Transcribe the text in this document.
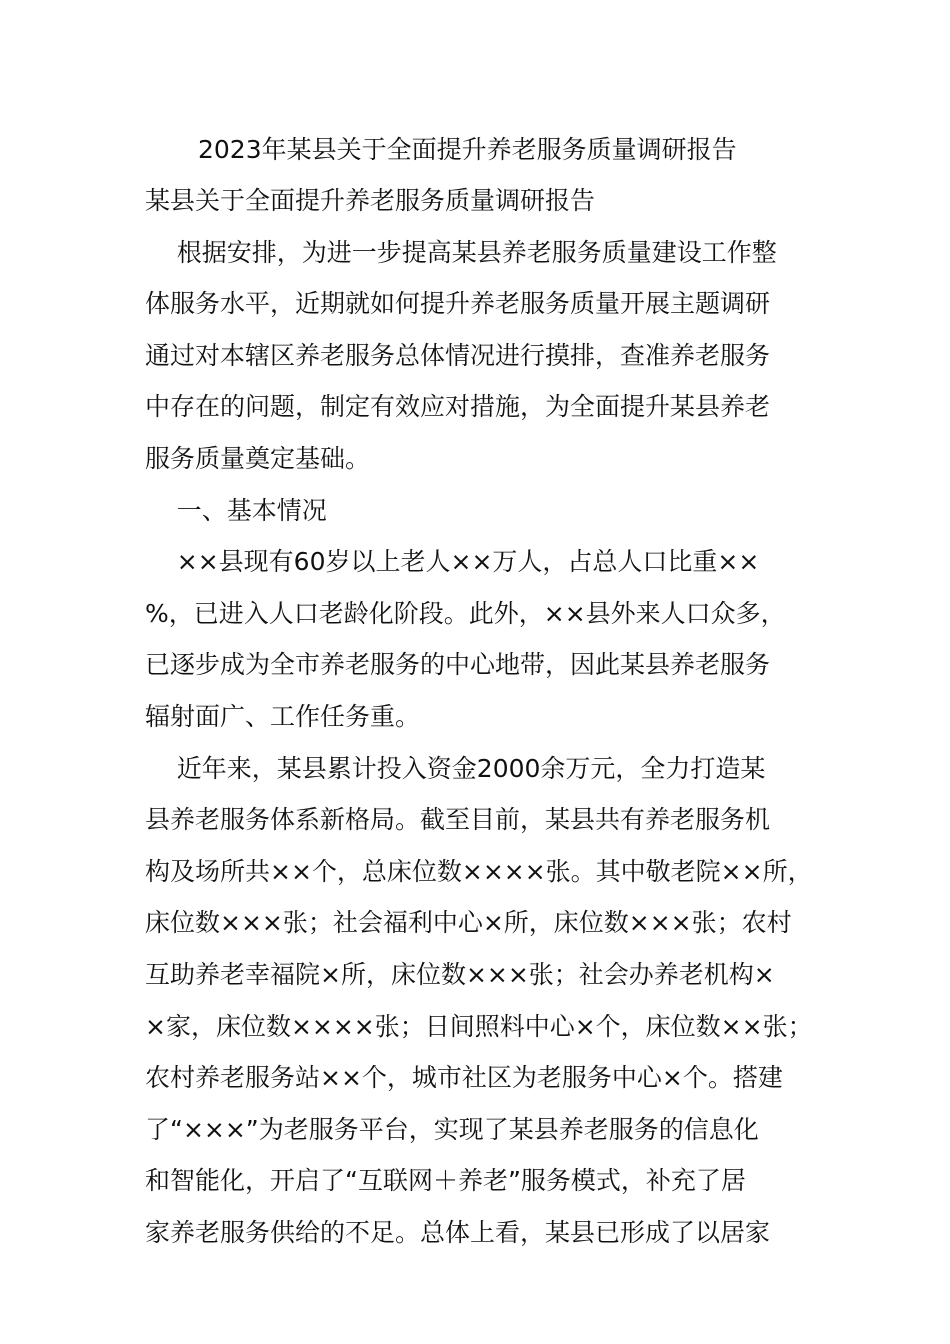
2023年某县关于全面提升养老服务质量调研报告
某县关于全面提升养老服务质量调研报告
根据安排，为进一步提高某县养老服务质量建设工作整
体服务水平，近期就如何提升养老服务质量开展主题调研
通过对本辖区养老服务总体情况进行摸排，查准养老服务
中存在的问题，制定有效应对措施，为全面提升某县养老
服务质量奠定基础。
一、基本情况
××县现有60岁以上老人××万人，占总人口比重××
%，已进入人口老龄化阶段。此外，××县外来人口众多，
已逐步成为全市养老服务的中心地带，因此某县养老服务
辐射面广、工作任务重。
近年来，某县累计投入资金2000余万元，全力打造某
县养老服务体系新格局。截至目前，某县共有养老服务机
构及场所共××个，总床位数××××张。其中敬老院××所，
床位数×××张；社会福利中心×所，床位数×××张；农村
互助养老幸福院×所，床位数×××张；社会办养老机构×
×家，床位数××××张；日间照料中心×个，床位数××张；
农村养老服务站××个，城市社区为老服务中心×个。搭建
了“×××”为老服务平台，实现了某县养老服务的信息化
和智能化，开启了“互联网＋养老”服务模式，补充了居
家养老服务供给的不足。总体上看，某县已形成了以居家
